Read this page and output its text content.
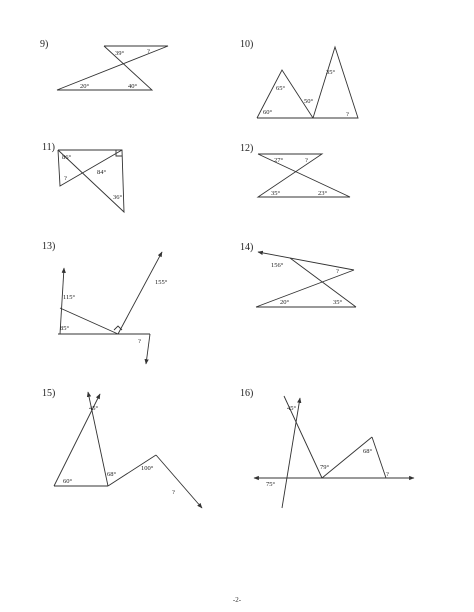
9)
39°	?
20°	40°
10)
65°
60°
50°
35°
?
11)
86°
?
84°
36°
12)
27°	?
35°	23°
13)
115°
85°
155°
?
14)
156°
?
20°	35°
15)
45°
60°
68°
100°
?
16)
45°
79°
68°
?
75°
-2-
